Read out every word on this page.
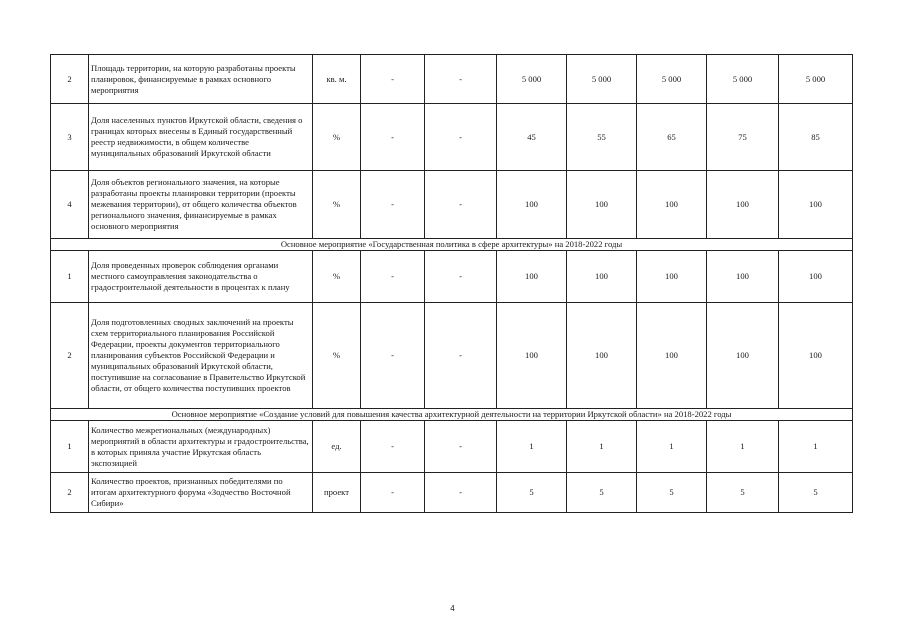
2	Площадь территории, на которую разработаны проекты планировок, финансируемые в рамках основного мероприятия	кв. м.	-	-	5 000	5 000	5 000	5 000	5 000
3	Доля населенных пунктов Иркутской области, сведения о границах которых внесены в Единый государственный реестр недвижимости, в общем количестве муниципальных образований Иркутской области	%	-	-	45	55	65	75	85
4	Доля объектов регионального значения, на которые разработаны проекты планировки территории (проекты межевания территории), от общего количества объектов регионального значения, финансируемые в рамках основного мероприятия	%	-	-	100	100	100	100	100
Основное мероприятие «Государственная политика в сфере архитектуры» на 2018-2022 годы									
1	Доля проведенных проверок соблюдения органами местного самоуправления законодательства о градостроительной деятельности в процентах к плану	%	-	-	100	100	100	100	100
2	Доля подготовленных сводных заключений на проекты схем территориального планирования Российской Федерации, проекты документов территориального планирования субъектов Российской Федерации и муниципальных образований Иркутской области, поступившие на согласование в Правительство Иркутской области, от общего количества поступивших проектов	%	-	-	100	100	100	100	100
Основное мероприятие «Создание условий для повышения качества архитектурной деятельности на территории Иркутской области» на 2018-2022 годы									
1	Количество межрегиональных (международных) мероприятий в области архитектуры и градостроительства, в которых приняла участие Иркутская область экспозицией	ед.	-	-	1	1	1	1	1
2	Количество проектов, признанных победителями по итогам архитектурного форума «Зодчество Восточной Сибири»	проект	-	-	5	5	5	5	5
4
